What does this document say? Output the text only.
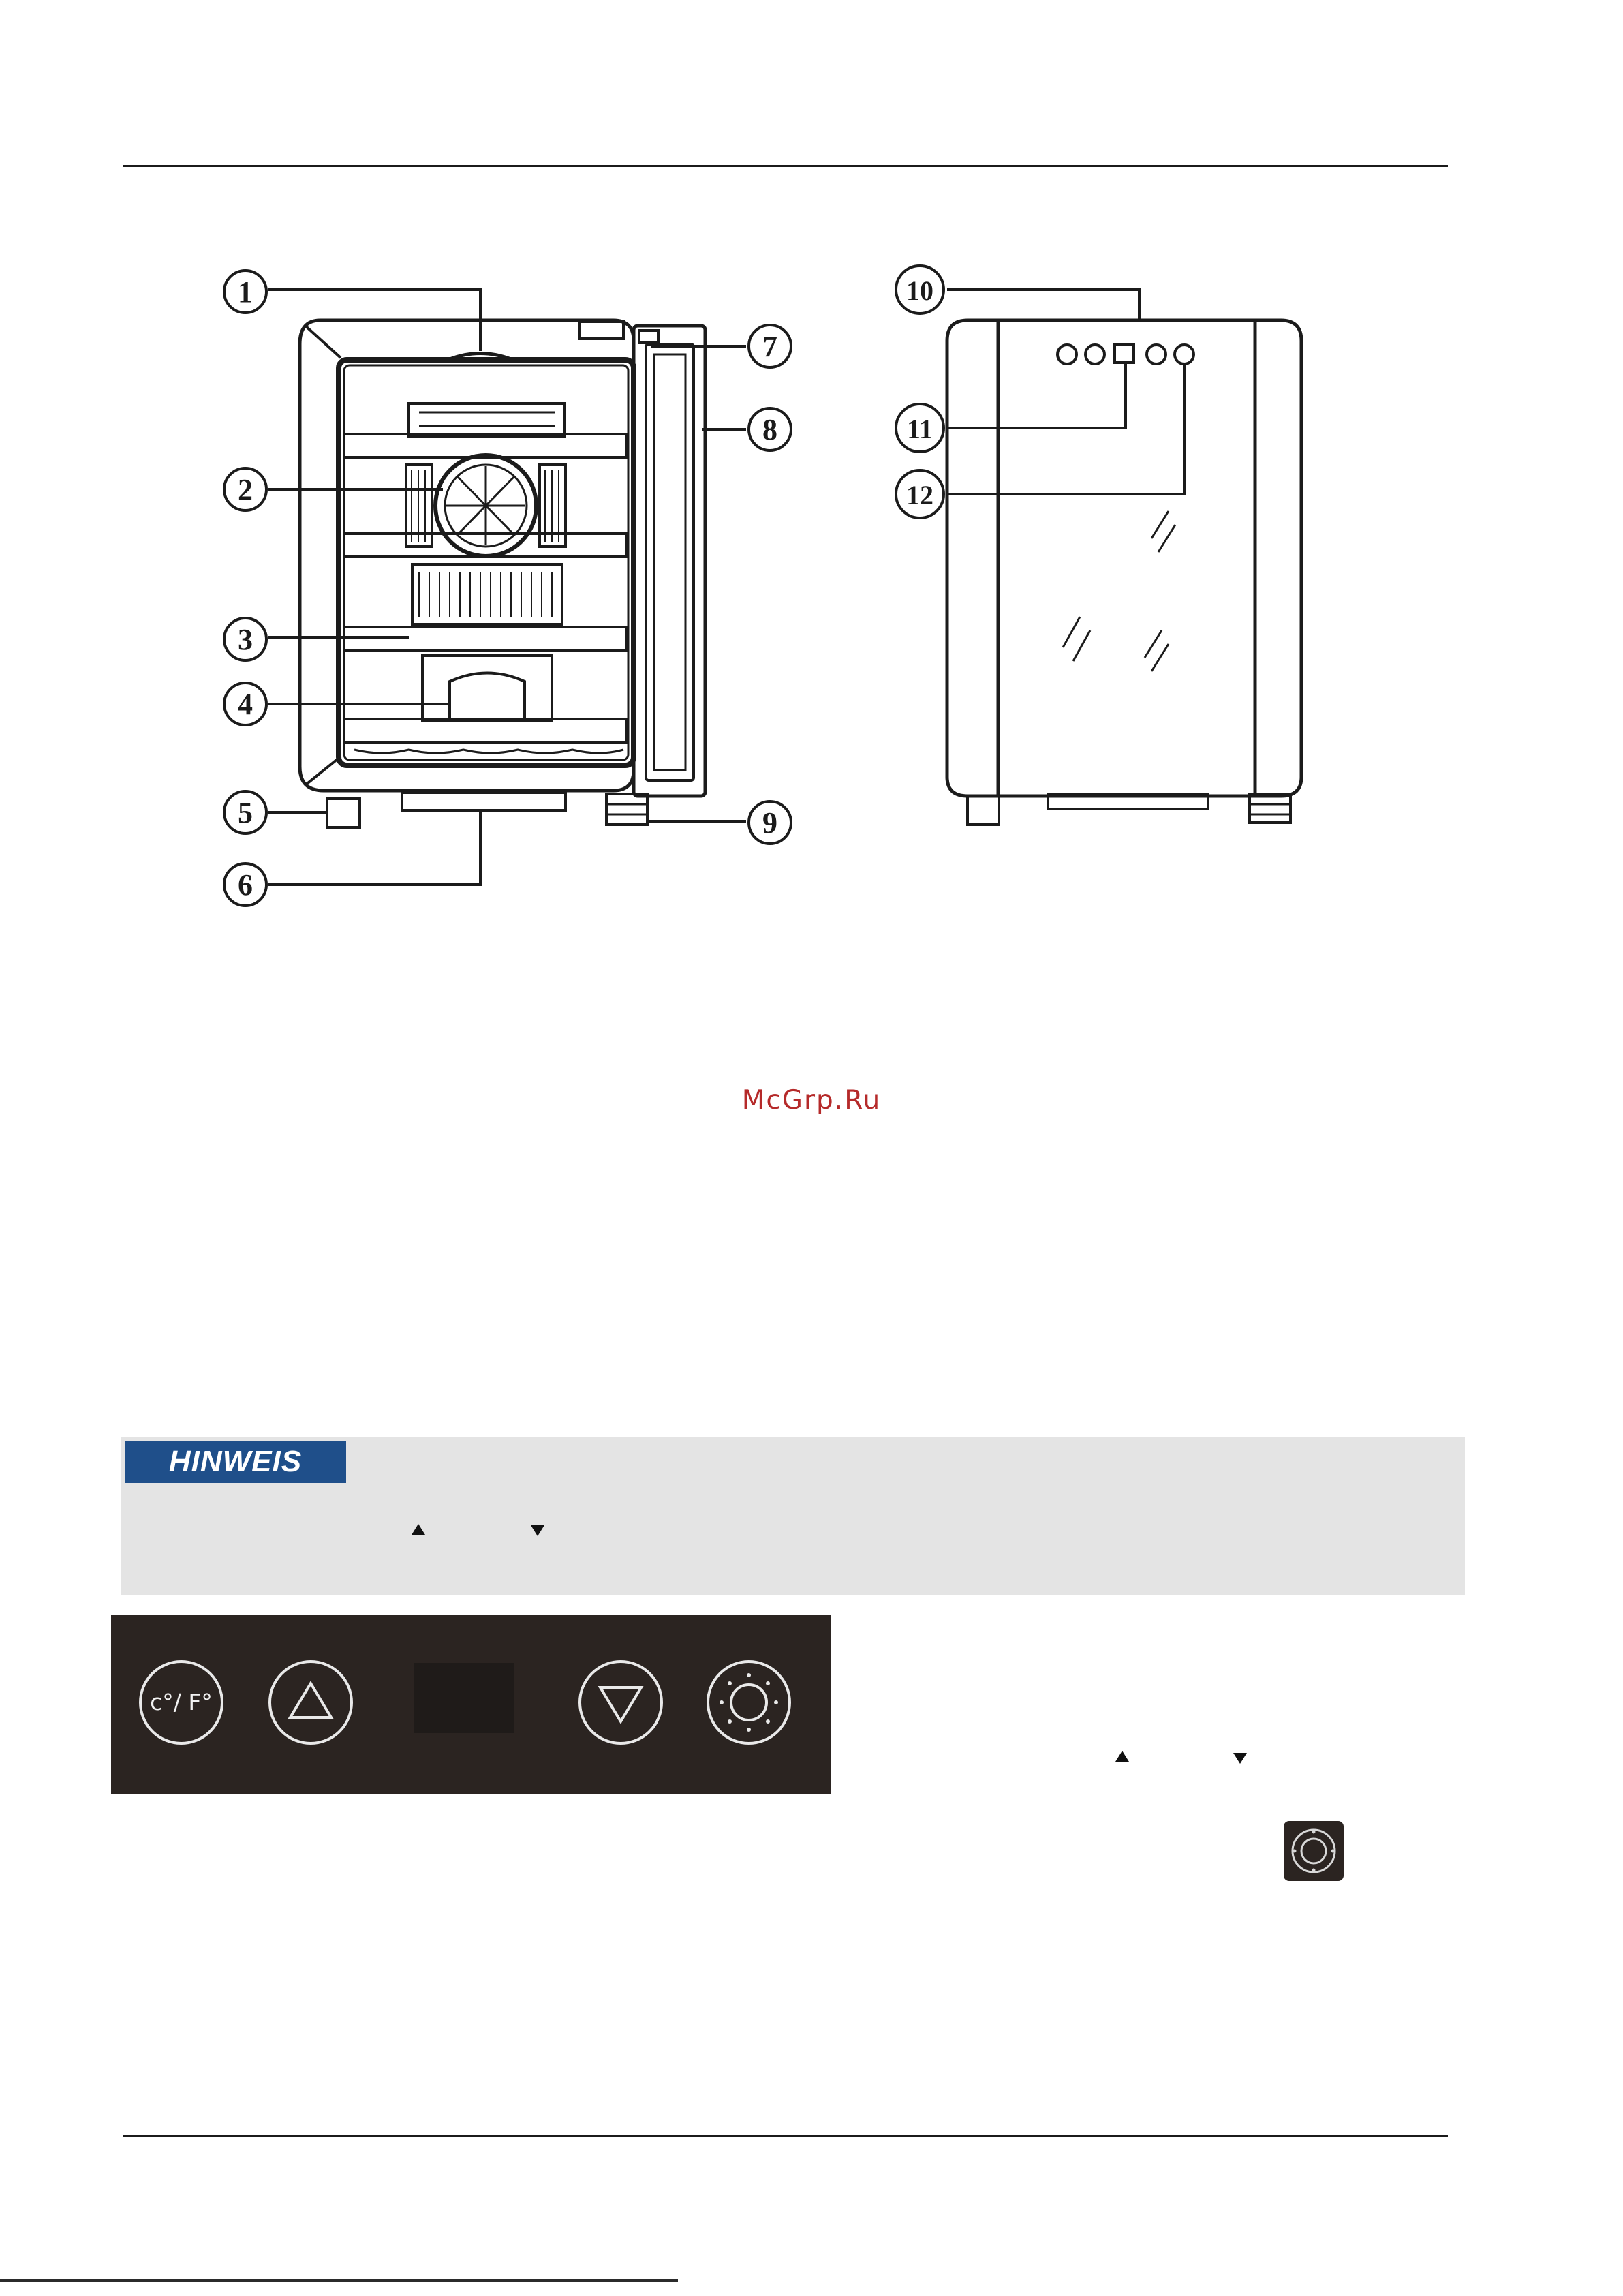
1
2
3
4
5
6
7
8
9
10
11
12
McGrp.Ru
HINWEIS
c°/ F°
